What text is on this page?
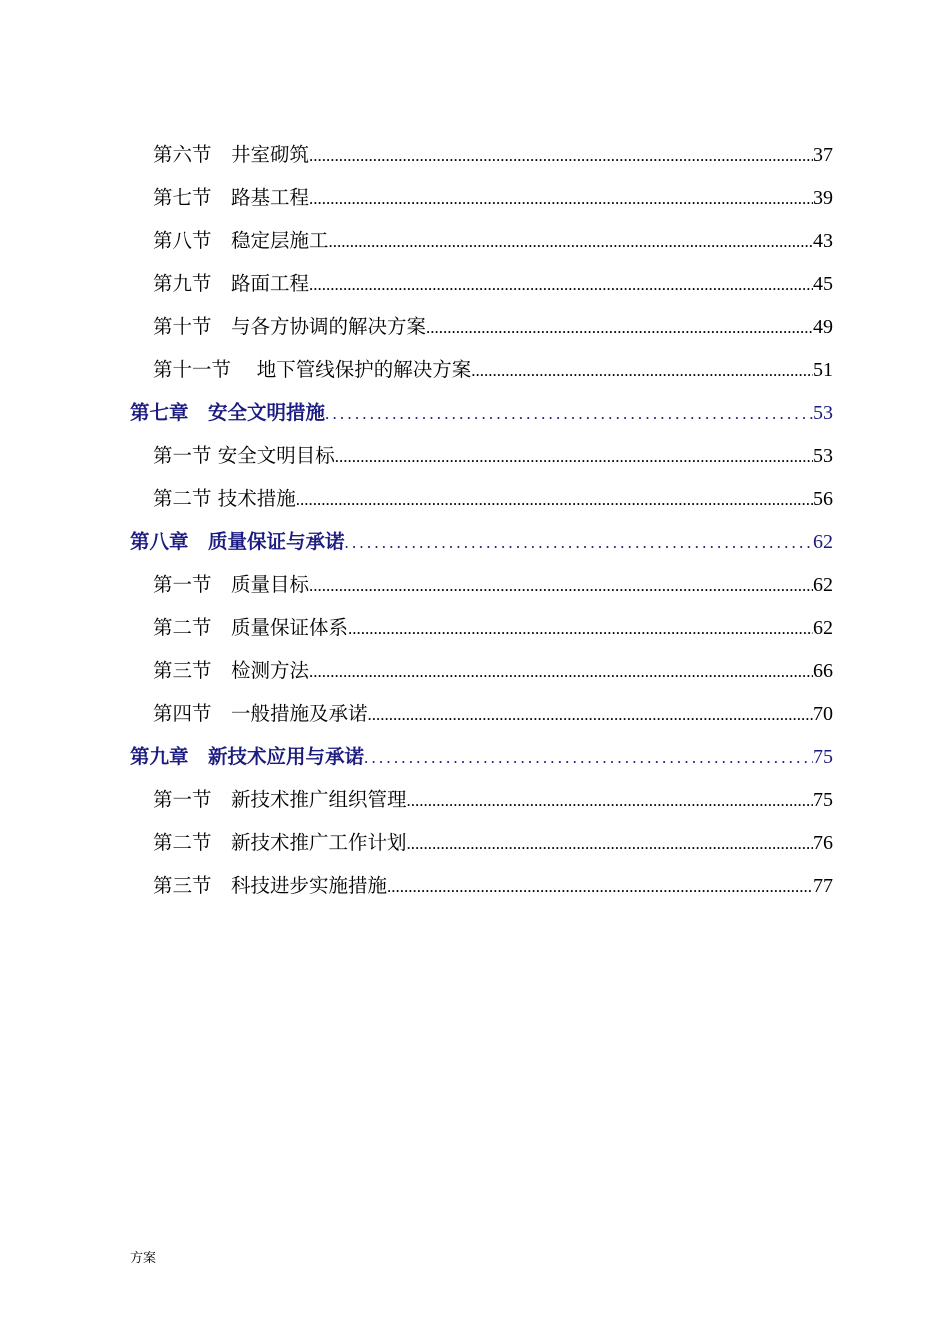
第六节　井室砌筑 .....	37
第七节　路基工程 .....	39
第八节　稳定层施工 .....	43
第九节　路面工程 .....	45
第十节　与各方协调的解决方案 .....	49
第十一节　 地下管线保护的解决方案 .....	51
第七章　安全文明措施 .....	53
第一节 安全文明目标 .....	53
第二节 技术措施 .....	56
第八章　质量保证与承诺 .....	62
第一节　质量目标 .....	62
第二节　质量保证体系 .....	62
第三节　检测方法 .....	66
第四节　一般措施及承诺 .....	70
第九章　新技术应用与承诺 .....	75
第一节　新技术推广组织管理 .....	75
第二节　新技术推广工作计划 .....	76
第三节　科技进步实施措施 .....	77
方案
